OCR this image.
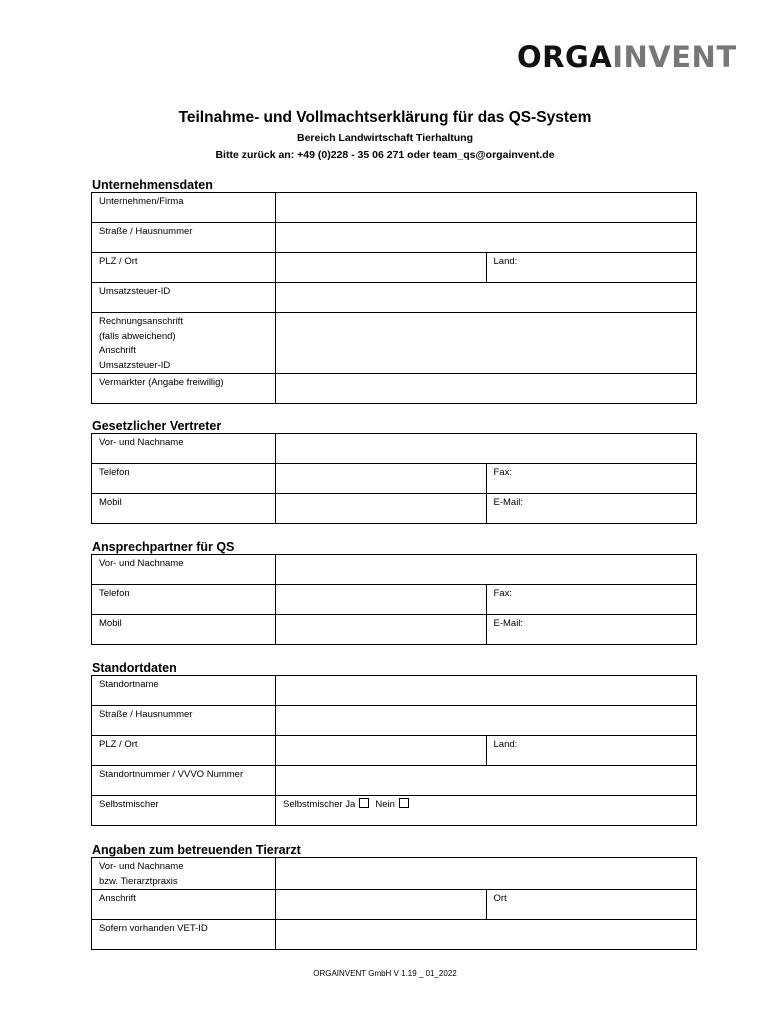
ORGAINVENT
Teilnahme- und Vollmachtserklärung für das QS-System
Bereich Landwirtschaft Tierhaltung
Bitte zurück an: +49 (0)228 - 35 06 271 oder team_qs@orgainvent.de
Unternehmensdaten
Unternehmen/Firma		
Straße / Hausnummer		
PLZ / Ort		Land:
Umsatzsteuer-ID		

Rechnungsanschrift
(falls abweichend)
Anschrift
Umsatzsteuer-ID		

Vermarkter (Angabe freiwillig)		
Gesetzlicher Vertreter
Vor- und Nachname		
Telefon		Fax:
Mobil		E-Mail:
Ansprechpartner für QS
Vor- und Nachname		
Telefon		Fax:
Mobil		E-Mail:
Standortdaten
Standortname		
Straße / Hausnummer		
PLZ / Ort		Land:
Standortnummer / VVVO Nummer		
Selbstmischer	Selbstmischer Ja Nein	
Angaben zum betreuenden Tierarzt
Vor- und Nachname
bzw. Tierarztpraxis		

Anschrift		Ort
Sofern vorhanden VET-ID		
ORGAINVENT GmbH V 1.19 _ 01_2022
